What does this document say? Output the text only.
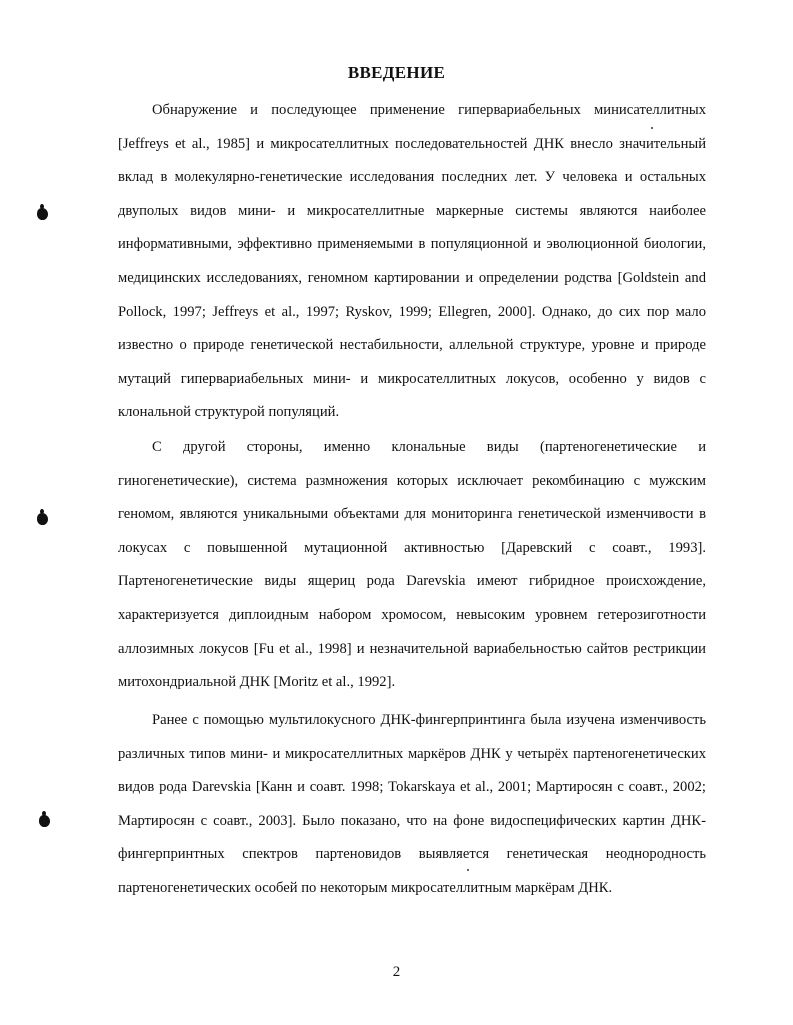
ВВЕДЕНИЕ

Обнаружение и последующее применение гипервариабельных минисателлитных [Jeffreys et al., 1985] и микросателлитных последовательностей ДНК внесло значительный вклад в молекулярно-генетические исследования последних лет. У человека и остальных двуполых видов мини- и микросателлитные маркерные системы являются наиболее информативными, эффективно применяемыми в популяционной и эволюционной биологии, медицинских исследованиях, геномном картировании и определении родства [Goldstein and Pollock, 1997; Jeffreys et al., 1997; Ryskov, 1999; Ellegren, 2000]. Однако, до сих пор мало известно о природе генетической нестабильности, аллельной структуре, уровне и природе мутаций гипервариабельных мини- и микросателлитных локусов, особенно у видов с клональной структурой популяций.

С другой стороны, именно клональные виды (партеногенетические и гиногенетические), система размножения которых исключает рекомбинацию с мужским геномом, являются уникальными объектами для мониторинга генетической изменчивости в локусах с повышенной мутационной активностью [Даревский с соавт., 1993]. Партеногенетические виды ящериц рода Darevskia имеют гибридное происхождение, характеризуется диплоидным набором хромосом, невысоким уровнем гетерозиготности аллозимных локусов [Fu et al., 1998] и незначительной вариабельностью сайтов рестрикции митохондриальной ДНК [Moritz et al., 1992].

Ранее с помощью мультилокусного ДНК-фингерпринтинга была изучена изменчивость различных типов мини- и микросателлитных маркёров ДНК у четырёх партеногенетических видов рода Darevskia [Канн и соавт. 1998; Tokarskaya et al., 2001; Мартиросян с соавт., 2002; Мартиросян с соавт., 2003]. Было показано, что на фоне видоспецифических картин ДНК-фингерпринтных спектров партеновидов выявляется генетическая неоднородность партеногенетических особей по некоторым микросателлитным маркёрам ДНК.

2
